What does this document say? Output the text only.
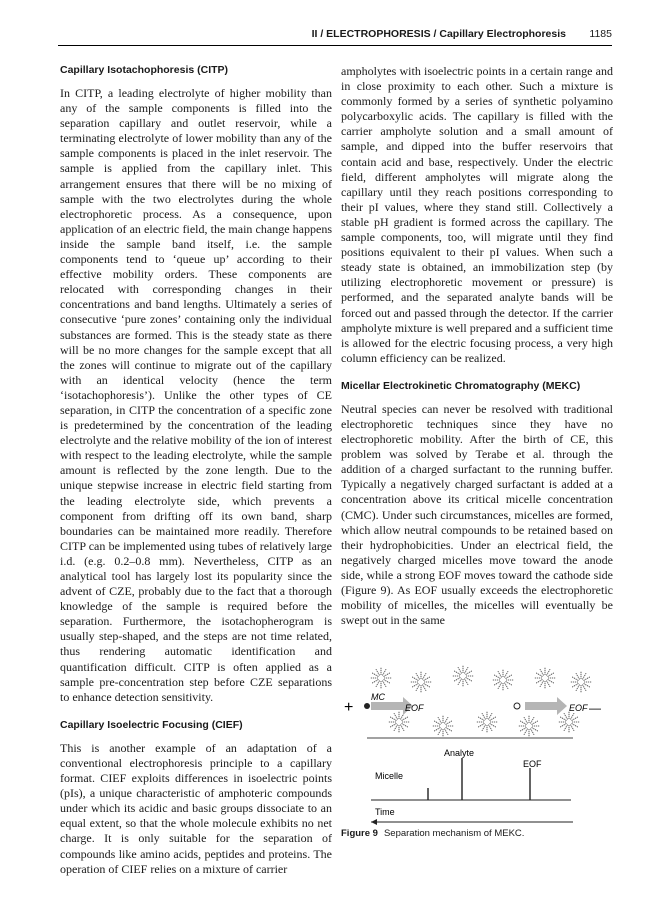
II / ELECTROPHORESIS / Capillary Electrophoresis 1185
Capillary Isotachophoresis (CITP)

In CITP, a leading electrolyte of higher mobility than any of the sample components is filled into the separation capillary and outlet reservoir, while a terminating electrolyte of lower mobility than any of the sample components is placed in the inlet reservoir. The sample is applied from the capillary inlet. This arrangement ensures that there will be no mixing of sample with the two electrolytes during the whole electrophoretic process. As a consequence, upon application of an electric field, the main change happens inside the sample band itself, i.e. the sample components tend to ‘queue up’ according to their effective mobility orders. These components are relocated with corresponding changes in their concentrations and band lengths. Ultimately a series of consecutive ‘pure zones’ containing only the individual substances are formed. This is the steady state as there will be no more changes for the sample except that all the zones will continue to migrate out of the capillary with an identical velocity (hence the term ‘isotachophoresis’). Unlike the other types of CE separation, in CITP the concentration of a specific zone is predetermined by the concentration of the leading electrolyte and the relative mobility of the ion of interest with respect to the leading electrolyte, while the sample amount is reflected by the zone length. Due to the unique stepwise increase in electric field starting from the leading electrolyte side, which prevents a component from drifting off its own band, sharp boundaries can be maintained more readily. Therefore CITP can be implemented using tubes of relatively large i.d. (e.g. 0.2–0.8 mm). Nevertheless, CITP as an analytical tool has largely lost its popularity since the advent of CZE, probably due to the fact that a thorough knowledge of the sample is required before the separation. Furthermore, the isotachopherogram is usually step-shaped, and the steps are not time related, thus rendering automatic identification and quantification difficult. CITP is often applied as a sample pre-concentration step before CZE separations to enhance detection sensitivity.

Capillary Isoelectric Focusing (CIEF)

This is another example of an adaptation of a conventional electrophoresis principle to a capillary format. CIEF exploits differences in isoelectric points (pIs), a unique characteristic of amphoteric compounds under which its acidic and basic groups dissociate to an equal extent, so that the whole molecule exhibits no net charge. It is only suitable for the separation of compounds like amino acids, peptides and proteins. The operation of CIEF relies on a mixture of carrier

ampholytes with isoelectric points in a certain range and in close proximity to each other. Such a mixture is commonly formed by a series of synthetic polyamino polycarboxylic acids. The capillary is filled with the carrier ampholyte solution and a small amount of sample, and dipped into the buffer reservoirs that contain acid and base, respectively. Under the electric field, different ampholytes will migrate along the capillary until they reach positions corresponding to their pI values, where they stand still. Collectively a stable pH gradient is formed across the capillary. The sample components, too, will migrate until they find positions equivalent to their pI values. When such a steady state is obtained, an immobilization step (by utilizing electrophoretic movement or pressure) is performed, and the separated analyte bands will be forced out and passed through the detector. If the carrier ampholyte mixture is well prepared and a sufficient time is allowed for the electric focusing process, a very high column efficiency can be realized.

Micellar Electrokinetic Chromatography (MEKC)

Neutral species can never be resolved with traditional electrophoretic techniques since they have no electrophoretic mobility. After the birth of CE, this problem was solved by Terabe et al. through the addition of a charged surfactant to the running buffer. Typically a negatively charged surfactant is added at a concentration above its critical micelle concentration (CMC). Under such circumstances, micelles are formed, which allow neutral compounds to be retained based on their hydrophobicities. Under an electrical field, the negatively charged micelles move toward the anode side, while a strong EOF moves toward the cathode side (Figure 9). As EOF usually exceeds the electrophoretic mobility of micelles, the micelles will eventually be swept out in the same

+	—
MC
EOF	EOF
Analyte
EOF
Micelle
Time
Figure 9 Separation mechanism of MEKC.
